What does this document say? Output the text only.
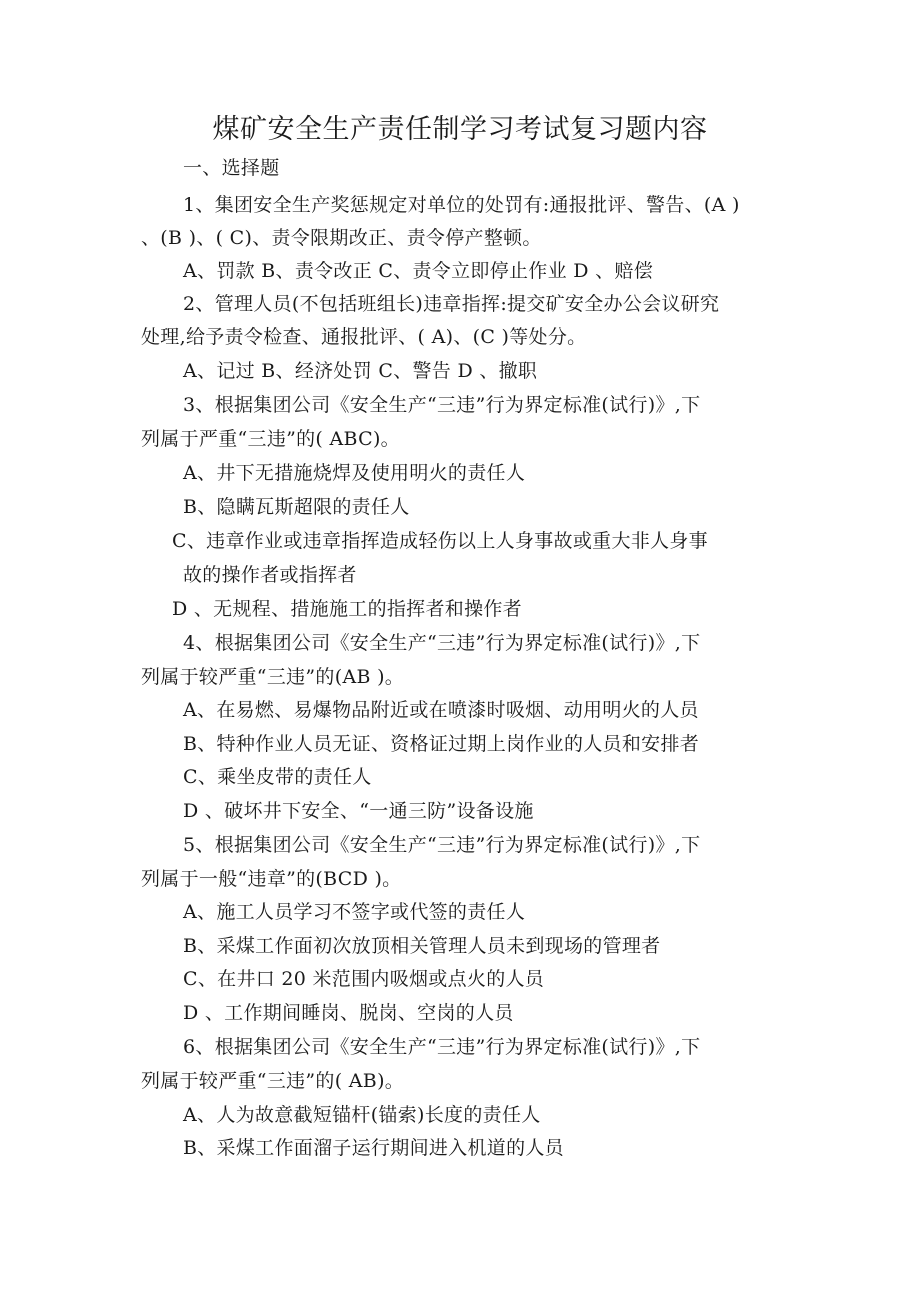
煤矿安全生产责任制学习考试复习题内容
一、选择题
1、集团安全生产奖惩规定对单位的处罚有:通报批评、警告、(A )
、(B )、( C)、责令限期改正、责令停产整顿。
A、罚款 B、责令改正 C、责令立即停止作业 D 、赔偿
2、管理人员(不包括班组长)违章指挥:提交矿安全办公会议研究
处理,给予责令检查、通报批评、( A)、(C )等处分。
A、记过 B、经济处罚 C、警告 D 、撤职
3、根据集团公司《安全生产“三违”行为界定标准(试行)》,下
列属于严重“三违”的( ABC)。
A、井下无措施烧焊及使用明火的责任人
B、隐瞒瓦斯超限的责任人
C、违章作业或违章指挥造成轻伤以上人身事故或重大非人身事
故的操作者或指挥者
D 、无规程、措施施工的指挥者和操作者
4、根据集团公司《安全生产“三违”行为界定标准(试行)》,下
列属于较严重“三违”的(AB )。
A、在易燃、易爆物品附近或在喷漆时吸烟、动用明火的人员
B、特种作业人员无证、资格证过期上岗作业的人员和安排者
C、乘坐皮带的责任人
D 、破坏井下安全、“一通三防”设备设施
5、根据集团公司《安全生产“三违”行为界定标准(试行)》,下
列属于一般“违章”的(BCD )。
A、施工人员学习不签字或代签的责任人
B、采煤工作面初次放顶相关管理人员未到现场的管理者
C、在井口 20 米范围内吸烟或点火的人员
D 、工作期间睡岗、脱岗、空岗的人员
6、根据集团公司《安全生产“三违”行为界定标准(试行)》,下
列属于较严重“三违”的( AB)。
A、人为故意截短锚杆(锚索)长度的责任人
B、采煤工作面溜子运行期间进入机道的人员
